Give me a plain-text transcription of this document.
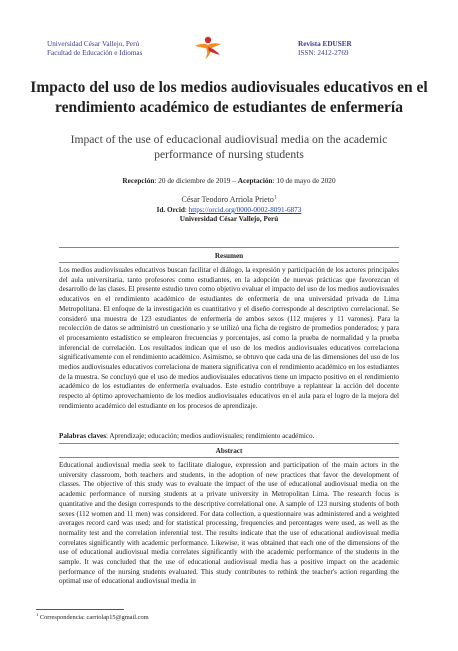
Universidad César Vallejo, Perú
Facultad de Educación e Idiomas
Revista EDUSER
ISSN: 2412-2769
Impacto del uso de los medios audiovisuales educativos en el rendimiento académico de estudiantes de enfermería
Impact of the use of educacional audiovisual media on the academic performance of nursing students
Recepción: 20 de diciembre de 2019 – Aceptación: 10 de mayo de 2020
César Teodoro Arriola Prieto$^1$
Id. Orcid: https://orcid.org/0000-0002-8091-6873
Universidad César Vallejo, Perú
Resumen
Los medios audiovisuales educativos buscan facilitar el diálogo, la expresión y participación de los actores principales del aula universitaria, tanto profesores como estudiantes, en la adopción de nuevas prácticas que favorezcan el desarrollo de las clases. El presente estudio tuvo como objetivo evaluar el impacto del uso de los medios audiovisuales educativos en el rendimiento académico de estudiantes de enfermería de una universidad privada de Lima Metropolitana. El enfoque de la investigación es cuantitativo y el diseño corresponde al descriptivo correlacional. Se consideró una muestra de 123 estudiantes de enfermería de ambos sexos (112 mujeres y 11 varones). Para la recolección de datos se administró un cuestionario y se utilizó una ficha de registro de promedios ponderados; y para el procesamiento estadístico se emplearon frecuencias y porcentajes, así como la prueba de normalidad y la prueba inferencial de correlación. Los resultados indican que el uso de los medios audiovisuales educativos correlaciona significativamente con el rendimiento académico. Asimismo, se obtuvo que cada una de las dimensiones del uso de los medios audiovisuales educativos correlaciona de manera significativa con el rendimiento académico en los estudiantes de la muestra. Se concluyó que el uso de medios audiovisuales educativos tiene un impacto positivo en el rendimiento académico de los estudiantes de enfermería evaluados. Este estudio contribuye a replantear la acción del docente respecto al óptimo aprovechamiento de los medios audiovisuales educativos en el aula para el logro de la mejora del rendimiento académico del estudiante en los procesos de aprendizaje.
Palabras claves: Aprendizaje; educación; medios audiovisuales; rendimiento académico.
Abstract
Educational audiovisual media seek to facilitate dialogue, expression and participation of the main actors in the university classroom, both teachers and students, in the adoption of new practices that favor the development of classes. The objective of this study was to evaluate the impact of the use of educational audiovisual media on the academic performance of nursing students at a private university in Metropolitan Lima. The research focus is quantitative and the design corresponds to the descriptive correlational one. A sample of 123 nursing students of both sexes (112 women and 11 men) was considered. For data collection, a questionnaire was administered and a weighted averages record card was used; and for statistical processing, frequencies and percentages were used, as well as the normality test and the correlation inferential test. The results indicate that the use of educational audiovisual media correlates significantly with academic performance. Likewise, it was obtained that each one of the dimensions of the use of educational audiovisual media correlates significantly with the academic performance of the students in the sample. It was concluded that the use of educational audiovisual media has a positive impact on the academic performance of the nursing students evaluated. This study contributes to rethink the teacher's action regarding the optimal use of educational audiovisual media in
$^1$ Correspondencia: carriolap15@gmail.com
